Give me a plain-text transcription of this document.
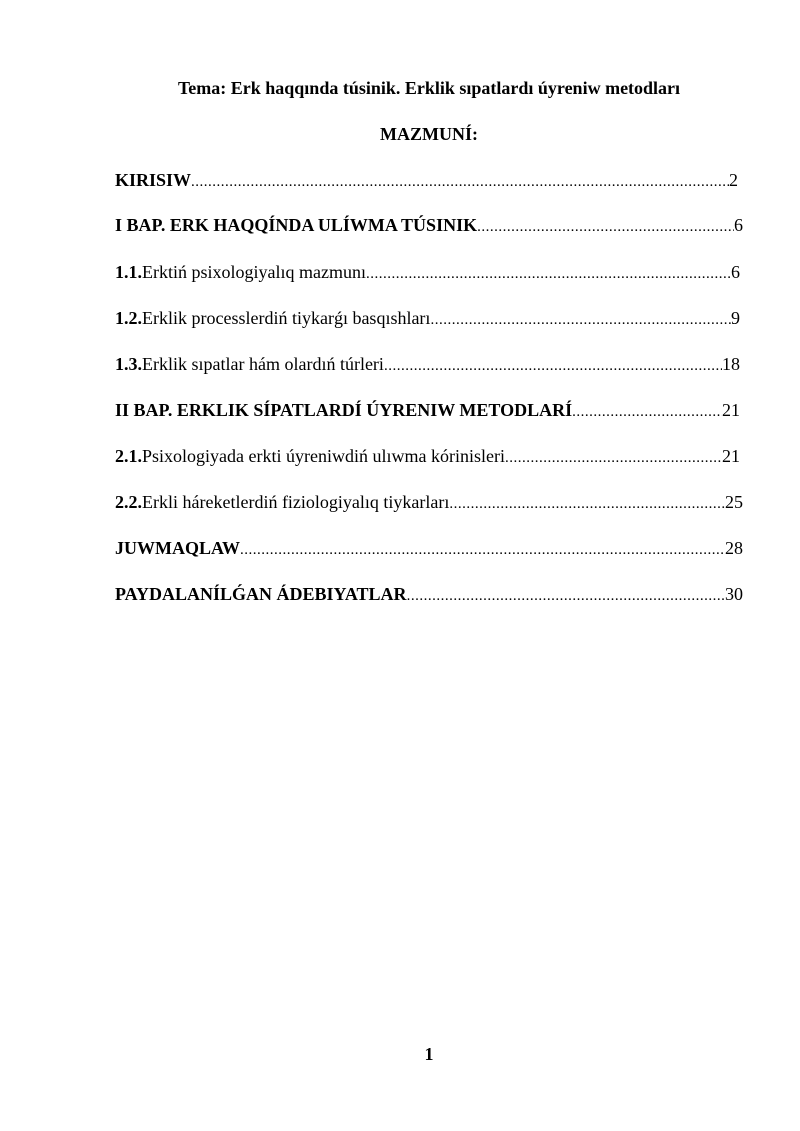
Tema: Erk haqqında túsinik. Erklik sıpatlardı úyreniw metodları
MAZMUNÍ:
KIRISIW .....	2
I BAP. ERK HAQQÍNDA ULÍWMA TÚSINIK .....	6
1.1. Erktiń psixologiyalıq mazmunı .....	6
1.2. Erklik processlerdiń tiykarǵı basqıshları .....	9
1.3. Erklik sıpatlar hám olardıń túrleri .....	18
II BAP. ERKLIK SÍPATLARDÍ ÚYRENIW METODLARÍ .....	21
2.1. Psixologiyada erkti úyreniwdiń ulıwma kórinisleri .....	21
2.2. Erkli háreketlerdiń fiziologiyalıq tiykarları .....	25
JUWMAQLAW .....	28
PAYDALANÍLǴAN ÁDEBIYATLAR .....	30
1
